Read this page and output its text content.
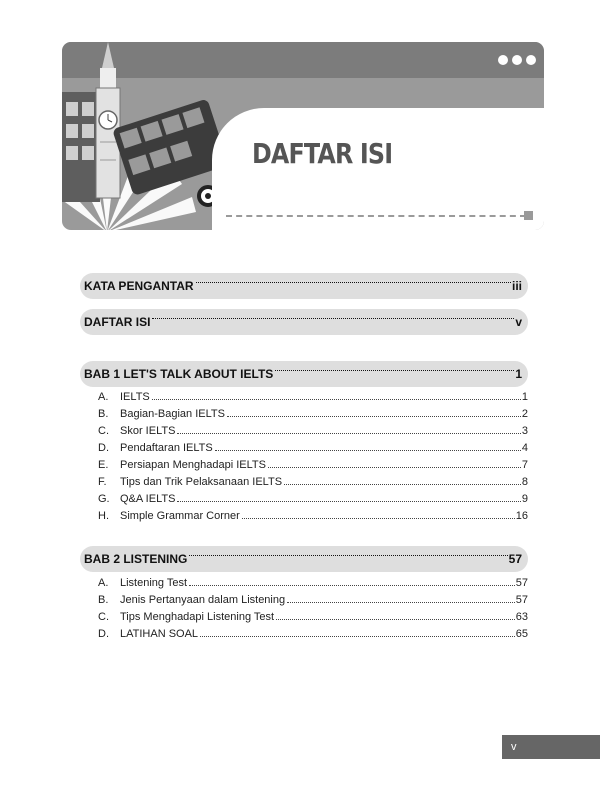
DAFTAR ISI
KATA PENGANTAR	iii
DAFTAR ISI	v
BAB 1 LET'S TALK ABOUT IELTS	1
A.	IELTS	1
B.	Bagian-Bagian IELTS	2
C.	Skor IELTS	3
D.	Pendaftaran IELTS	4
E.	Persiapan Menghadapi IELTS	7
F.	Tips dan Trik Pelaksanaan IELTS	8
G. Q&A IELTS	9
H.	Simple Grammar Corner	16
BAB 2 LISTENING	57
A.	Listening Test	57
B.	Jenis Pertanyaan dalam Listening	57
C.	Tips Menghadapi Listening Test	63
D.	LATIHAN SOAL	65
v
